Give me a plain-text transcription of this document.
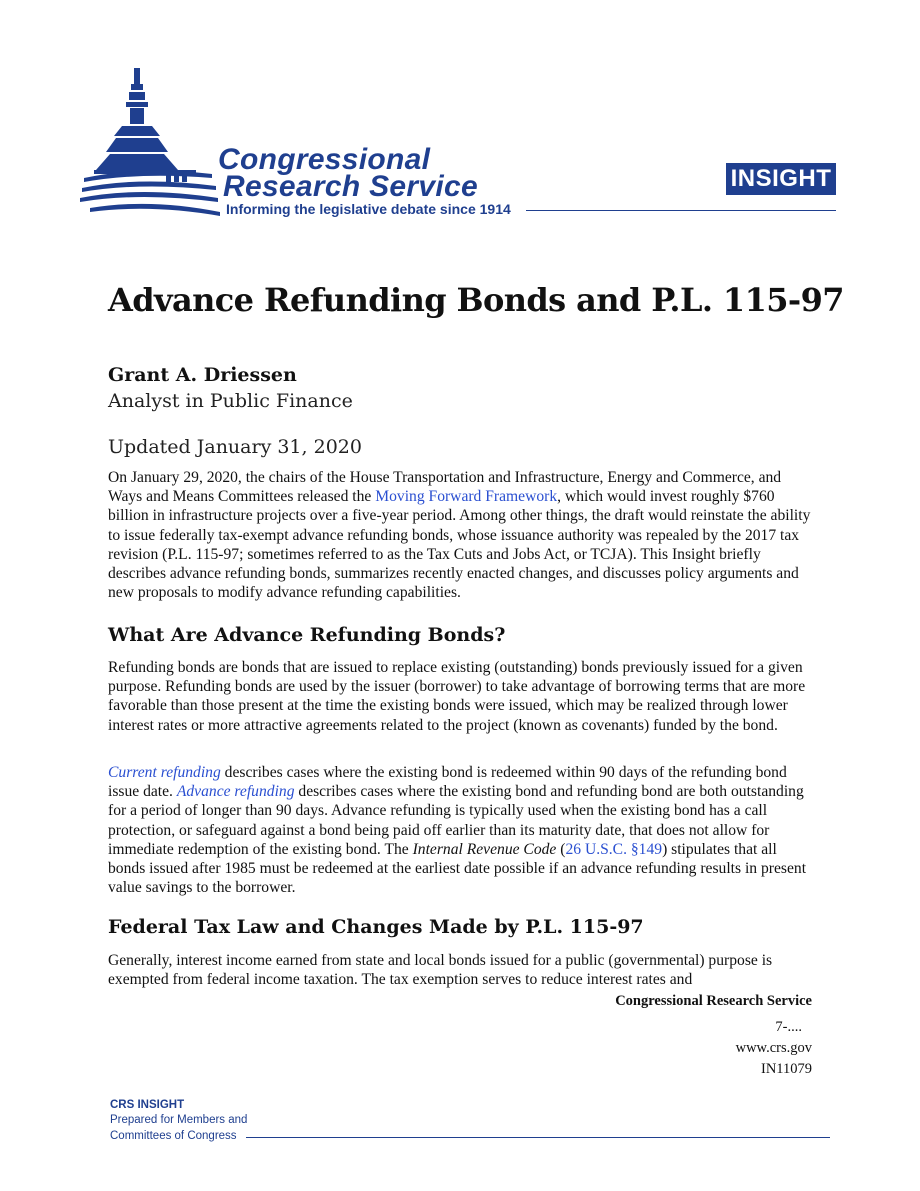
Congressional
Research Service
Informing the legislative debate since 1914
INSIGHT
Advance Refunding Bonds and P.L. 115-97
Grant A. Driessen
Analyst in Public Finance
Updated January 31, 2020

On January 29, 2020, the chairs of the House Transportation and Infrastructure, Energy and Commerce, and Ways and Means Committees released the Moving Forward Framework, which would invest roughly $760 billion in infrastructure projects over a five-year period. Among other things, the draft would reinstate the ability to issue federally tax-exempt advance refunding bonds, whose issuance authority was repealed by the 2017 tax revision (P.L. 115-97; sometimes referred to as the Tax Cuts and Jobs Act, or TCJA). This Insight briefly describes advance refunding bonds, summarizes recently enacted changes, and discusses policy arguments and new proposals to modify advance refunding capabilities.

What Are Advance Refunding Bonds?

Refunding bonds are bonds that are issued to replace existing (outstanding) bonds previously issued for a given purpose. Refunding bonds are used by the issuer (borrower) to take advantage of borrowing terms that are more favorable than those present at the time the existing bonds were issued, which may be realized through lower interest rates or more attractive agreements related to the project (known as covenants) funded by the bond.

Current refunding describes cases where the existing bond is redeemed within 90 days of the refunding bond issue date. Advance refunding describes cases where the existing bond and refunding bond are both outstanding for a period of longer than 90 days. Advance refunding is typically used when the existing bond has a call protection, or safeguard against a bond being paid off earlier than its maturity date, that does not allow for immediate redemption of the existing bond. The Internal Revenue Code (26 U.S.C. §149) stipulates that all bonds issued after 1985 must be redeemed at the earliest date possible if an advance refunding results in present value savings to the borrower.

Federal Tax Law and Changes Made by P.L. 115-97

Generally, interest income earned from state and local bonds issued for a public (governmental) purpose is exempted from federal income taxation. The tax exemption serves to reduce interest rates and

Congressional Research Service
7-....
www.crs.gov
IN11079
CRS INSIGHT
Prepared for Members and
Committees of Congress
